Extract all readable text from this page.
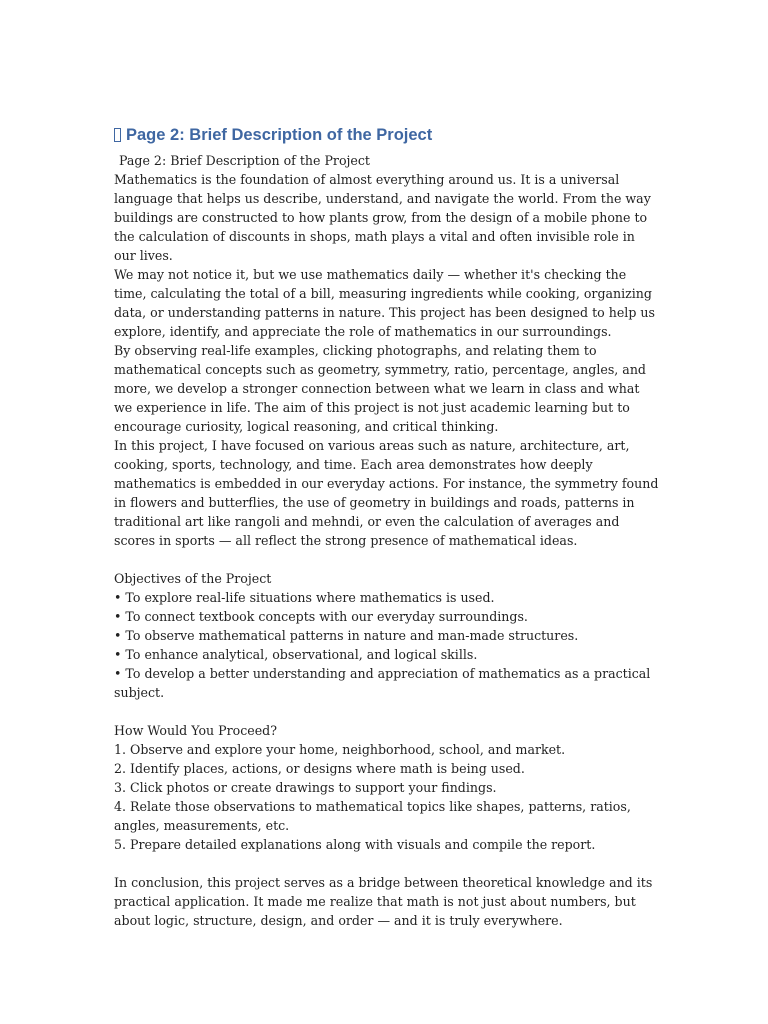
Page 2: Brief Description of the Project

Page 2: Brief Description of the Project

Mathematics is the foundation of almost everything around us. It is a universal language that helps us describe, understand, and navigate the world. From the way buildings are constructed to how plants grow, from the design of a mobile phone to the calculation of discounts in shops, math plays a vital and often invisible role in our lives.

We may not notice it, but we use mathematics daily — whether it's checking the time, calculating the total of a bill, measuring ingredients while cooking, organizing data, or understanding patterns in nature. This project has been designed to help us explore, identify, and appreciate the role of mathematics in our surroundings.

By observing real-life examples, clicking photographs, and relating them to mathematical concepts such as geometry, symmetry, ratio, percentage, angles, and more, we develop a stronger connection between what we learn in class and what we experience in life. The aim of this project is not just academic learning but to encourage curiosity, logical reasoning, and critical thinking.

In this project, I have focused on various areas such as nature, architecture, art, cooking, sports, technology, and time. Each area demonstrates how deeply mathematics is embedded in our everyday actions. For instance, the symmetry found in flowers and butterflies, the use of geometry in buildings and roads, patterns in traditional art like rangoli and mehndi, or even the calculation of averages and scores in sports — all reflect the strong presence of mathematical ideas.

Objectives of the Project

• To explore real-life situations where mathematics is used.
• To connect textbook concepts with our everyday surroundings.
• To observe mathematical patterns in nature and man-made structures.
• To enhance analytical, observational, and logical skills.
• To develop a better understanding and appreciation of mathematics as a practical subject.

How Would You Proceed?

1. Observe and explore your home, neighborhood, school, and market.
2. Identify places, actions, or designs where math is being used.
3. Click photos or create drawings to support your findings.
4. Relate those observations to mathematical topics like shapes, patterns, ratios, angles, measurements, etc.
5. Prepare detailed explanations along with visuals and compile the report.

In conclusion, this project serves as a bridge between theoretical knowledge and its practical application. It made me realize that math is not just about numbers, but about logic, structure, design, and order — and it is truly everywhere.
